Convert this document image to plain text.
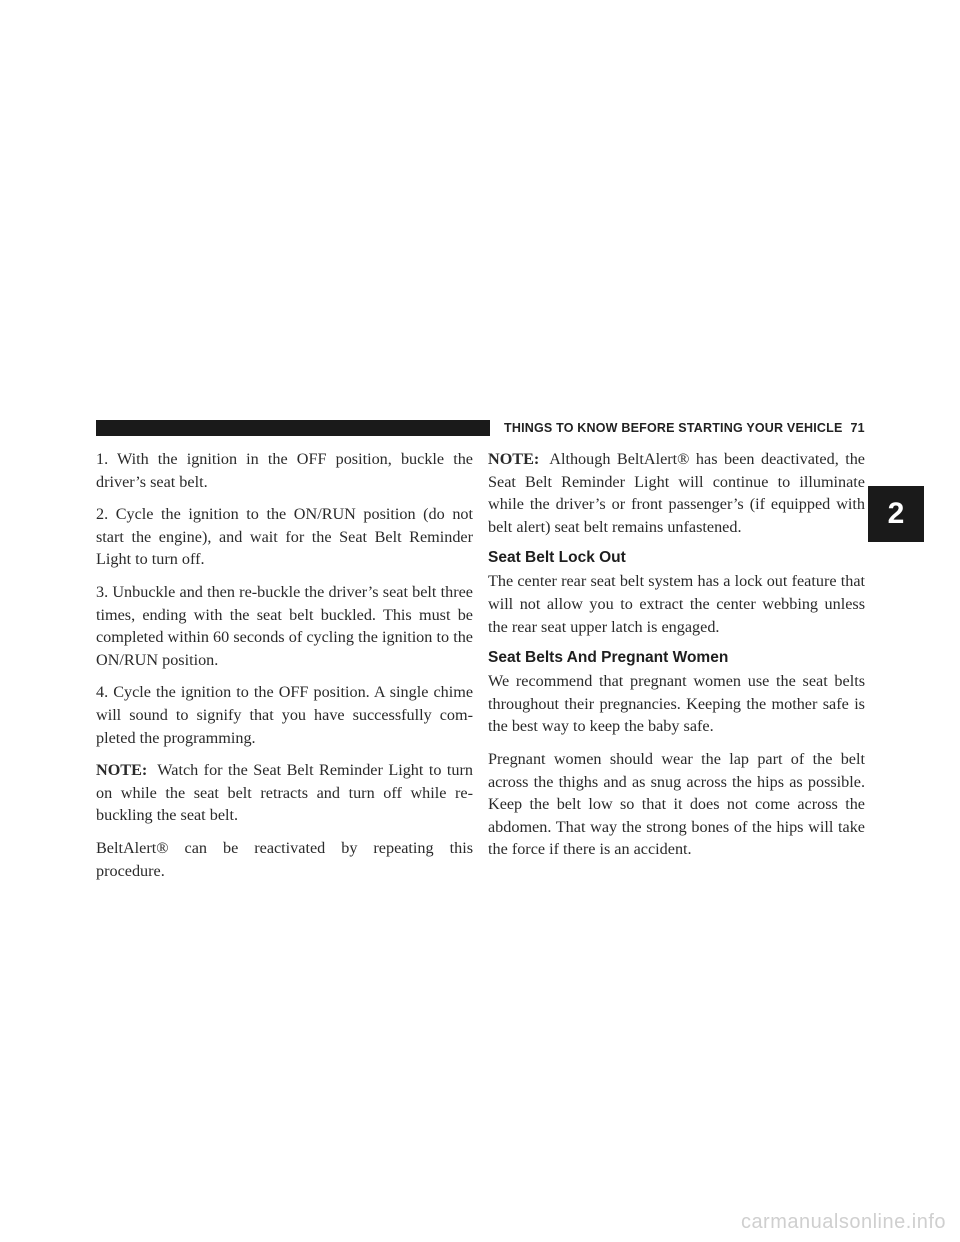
THINGS TO KNOW BEFORE STARTING YOUR VEHICLE 71
2

1. With the ignition in the OFF position, buckle the driver’s seat belt.

2. Cycle the ignition to the ON/RUN position (do not start the engine), and wait for the Seat Belt Reminder Light to turn off.

3. Unbuckle and then re-buckle the driver’s seat belt three times, ending with the seat belt buckled. This must be completed within 60 seconds of cycling the ignition to the ON/RUN position.

4. Cycle the ignition to the OFF position. A single chime will sound to signify that you have successfully com-pleted the programming.

NOTE: Watch for the Seat Belt Reminder Light to turn on while the seat belt retracts and turn off while re-buckling the seat belt.

BeltAlert® can be reactivated by repeating this procedure.

NOTE: Although BeltAlert® has been deactivated, the Seat Belt Reminder Light will continue to illuminate while the driver’s or front passenger’s (if equipped with belt alert) seat belt remains unfastened.

Seat Belt Lock Out

The center rear seat belt system has a lock out feature that will not allow you to extract the center webbing unless the rear seat upper latch is engaged.

Seat Belts And Pregnant Women

We recommend that pregnant women use the seat belts throughout their pregnancies. Keeping the mother safe is the best way to keep the baby safe.

Pregnant women should wear the lap part of the belt across the thighs and as snug across the hips as possible. Keep the belt low so that it does not come across the abdomen. That way the strong bones of the hips will take the force if there is an accident.

carmanualsonline.info
